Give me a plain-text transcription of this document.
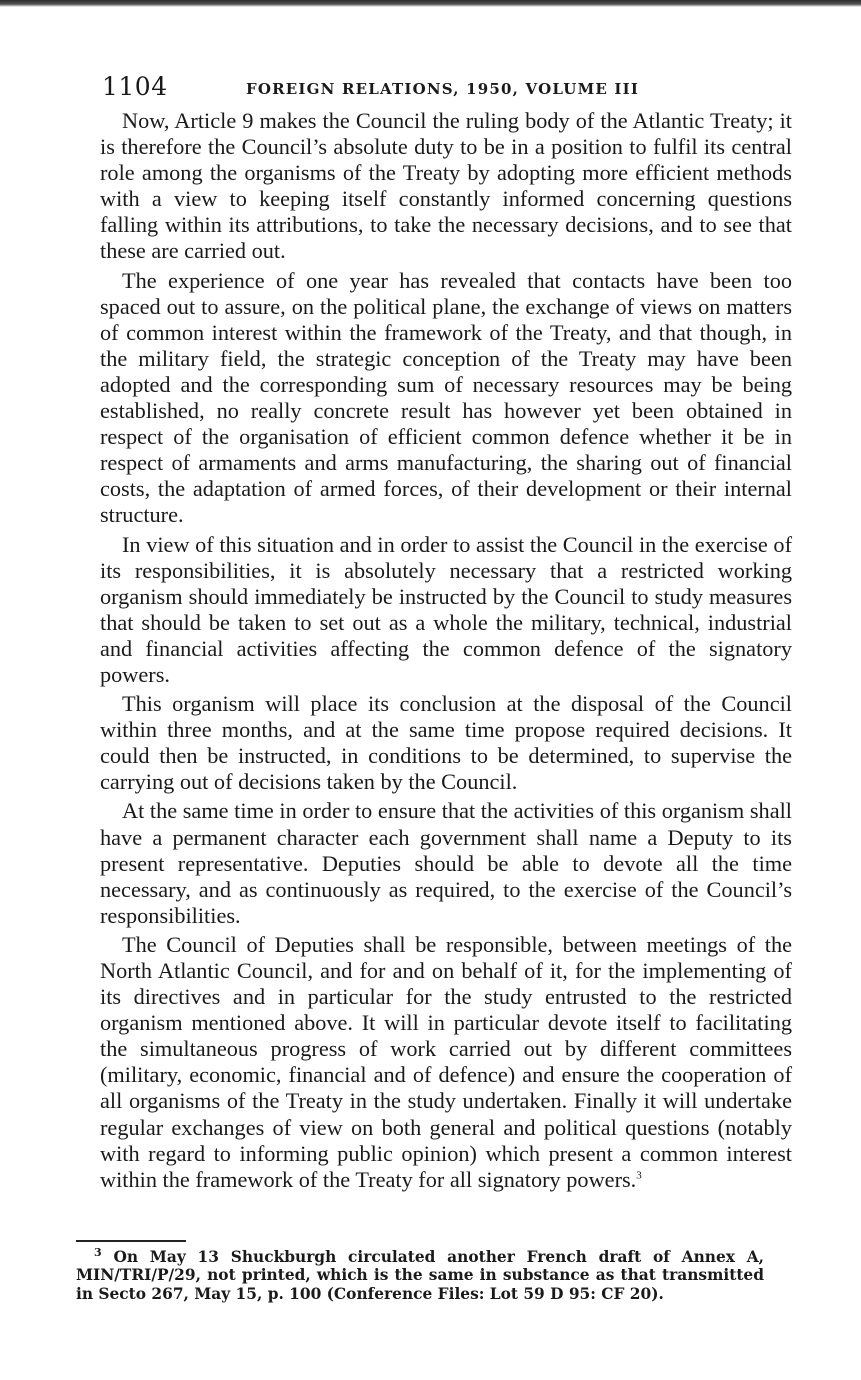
1104	FOREIGN RELATIONS, 1950, VOLUME III

Now, Article 9 makes the Council the ruling body of the Atlantic Treaty; it is therefore the Council’s absolute duty to be in a position to fulfil its central role among the organisms of the Treaty by adopting more efficient methods with a view to keeping itself constantly informed concerning questions falling within its attributions, to take the necessary decisions, and to see that these are carried out.

The experience of one year has revealed that contacts have been too spaced out to assure, on the political plane, the exchange of views on matters of common interest within the framework of the Treaty, and that though, in the military field, the strategic conception of the Treaty may have been adopted and the corresponding sum of necessary resources may be being established, no really concrete result has however yet been obtained in respect of the organisation of efficient common defence whether it be in respect of armaments and arms manufacturing, the sharing out of financial costs, the adaptation of armed forces, of their development or their internal structure.

In view of this situation and in order to assist the Council in the exercise of its responsibilities, it is absolutely necessary that a restricted working organism should immediately be instructed by the Council to study measures that should be taken to set out as a whole the military, technical, industrial and financial activities affecting the common defence of the signatory powers.

This organism will place its conclusion at the disposal of the Council within three months, and at the same time propose required decisions. It could then be instructed, in conditions to be determined, to supervise the carrying out of decisions taken by the Council.

At the same time in order to ensure that the activities of this organism shall have a permanent character each government shall name a Deputy to its present representative. Deputies should be able to devote all the time necessary, and as continuously as required, to the exercise of the Council’s responsibilities.

The Council of Deputies shall be responsible, between meetings of the North Atlantic Council, and for and on behalf of it, for the implementing of its directives and in particular for the study entrusted to the restricted organism mentioned above. It will in particular devote itself to facilitating the simultaneous progress of work carried out by different committees (military, economic, financial and of defence) and ensure the cooperation of all organisms of the Treaty in the study undertaken. Finally it will undertake regular exchanges of view on both general and political questions (notably with regard to informing public opinion) which present a common interest within the framework of the Treaty for all signatory powers.$^3$

$^3$ On May 13 Shuckburgh circulated another French draft of Annex A, MIN/TRI/P/29, not printed, which is the same in substance as that transmitted in Secto 267, May 15, p. 100 (Conference Files: Lot 59 D 95: CF 20).
